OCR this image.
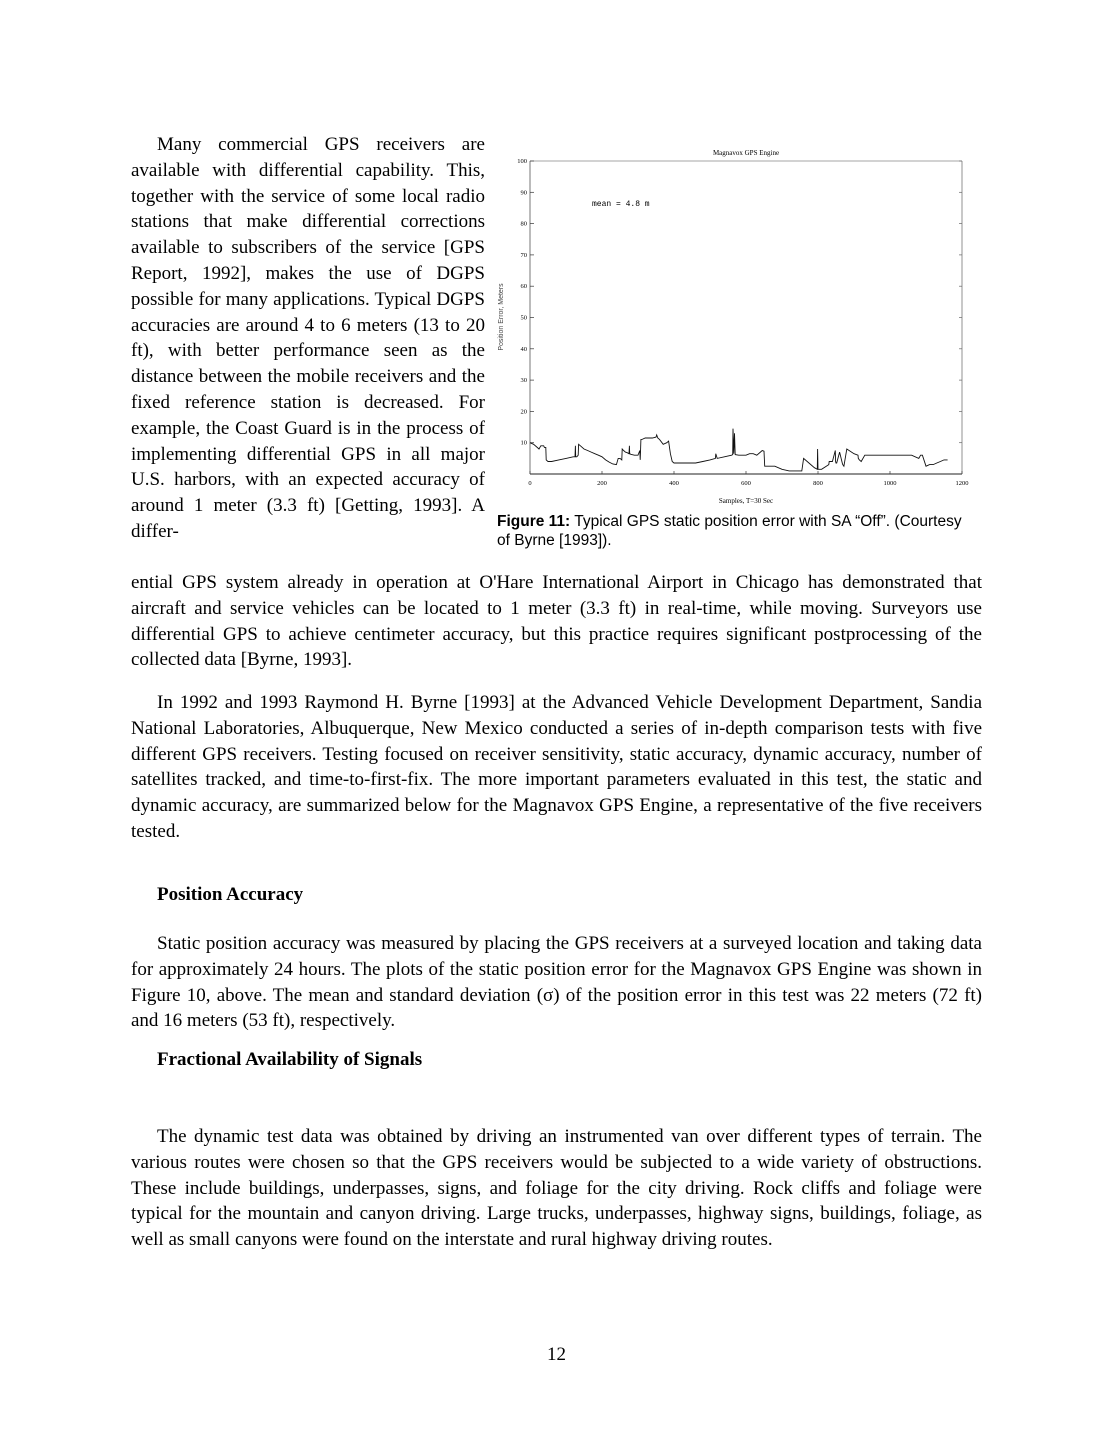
Many commercial GPS receivers are available with differential capability. This, together with the service of some local radio stations that make differential corrections available to subscribers of the service [GPS Report, 1992], makes the use of DGPS possible for many applications. Typical DGPS accuracies are around 4 to 6 meters (13 to 20 ft), with better performance seen as the distance between the mobile receivers and the fixed reference station is decreased. For example, the Coast Guard is in the process of implementing differential GPS in all major U.S. harbors, with an expected accuracy of around 1 meter (3.3 ft) [Getting, 1993]. A differ-

ential GPS system already in operation at O'Hare International Airport in Chicago has demonstrated that aircraft and service vehicles can be located to 1 meter (3.3 ft) in real-time, while moving. Surveyors use differential GPS to achieve centimeter accuracy, but this practice requires significant postprocessing of the collected data [Byrne, 1993].

In 1992 and 1993 Raymond H. Byrne [1993] at the Advanced Vehicle Development Department, Sandia National Laboratories, Albuquerque, New Mexico conducted a series of in-depth comparison tests with five different GPS receivers. Testing focused on receiver sensitivity, static accuracy, dynamic accuracy, number of satellites tracked, and time-to-first-fix. The more important parameters evaluated in this test, the static and dynamic accuracy, are summarized below for the Magnavox GPS Engine, a representative of the five receivers tested.

Position Accuracy

Static position accuracy was measured by placing the GPS receivers at a surveyed location and taking data for approximately 24 hours. The plots of the static position error for the Magnavox GPS Engine was shown in Figure 10, above. The mean and standard deviation (σ) of the position error in this test was 22 meters (72 ft) and 16 meters (53 ft), respectively.

Fractional Availability of Signals

The dynamic test data was obtained by driving an instrumented van over different types of terrain. The various routes were chosen so that the GPS receivers would be subjected to a wide variety of obstructions. These include buildings, underpasses, signs, and foliage for the city driving. Rock cliffs and foliage were typical for the mountain and canyon driving. Large trucks, underpasses, highway signs, buildings, foliage, as well as small canyons were found on the interstate and rural highway driving routes.

Magnavox GPS Engine
Position Error, Meters
Samples, T=30 Sec
mean = 4.8 m
0	200	400	600	800	1000	1200
10
20
30
40
50
60
70
80
90
100
Figure 11: Typical GPS static position error with SA “Off”. (Courtesy of Byrne [1993]).
12
